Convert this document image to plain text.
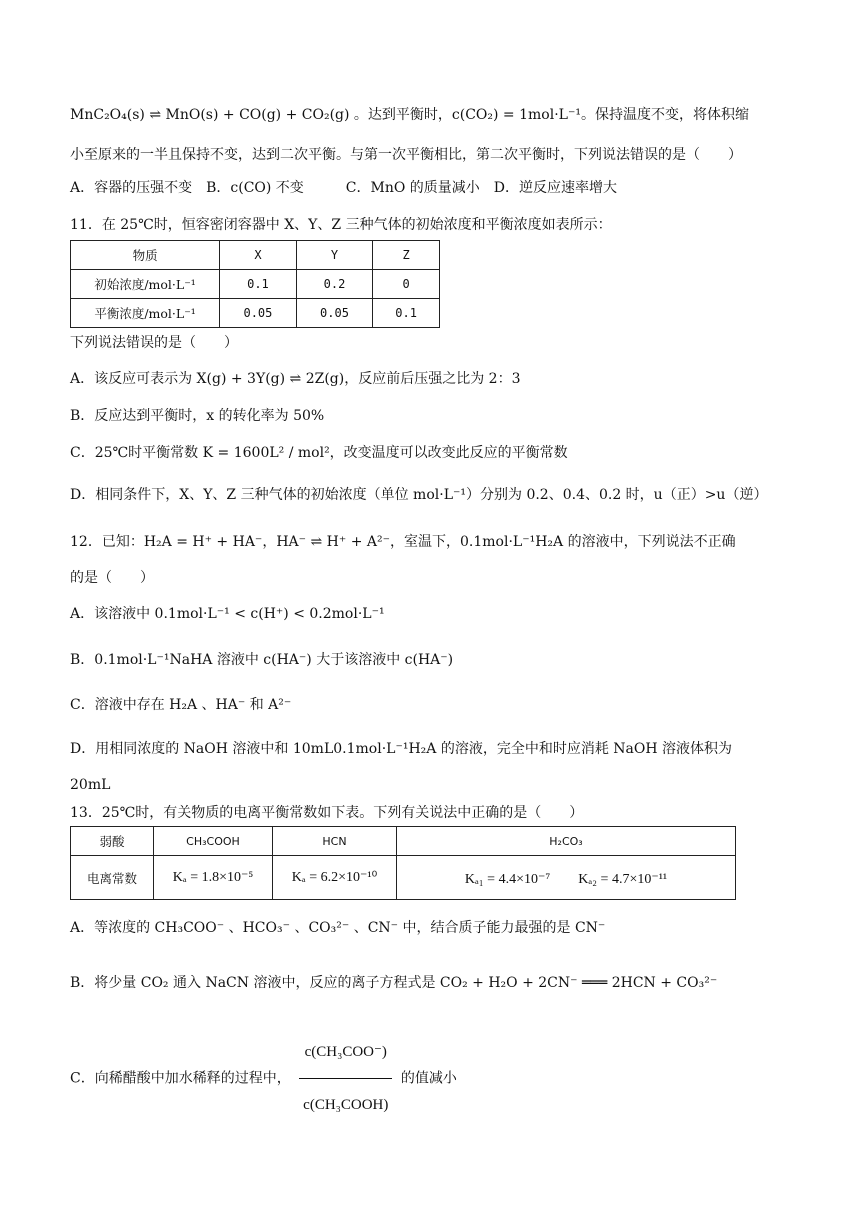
MnC₂O₄(s) ⇌ MnO(s) + CO(g) + CO₂(g) 。达到平衡时，c(CO₂) = 1mol·L⁻¹。保持温度不变，将体积缩
小至原来的一半且保持不变，达到二次平衡。与第一次平衡相比，第二次平衡时，下列说法错误的是（　　）
A．容器的压强不变　B．c(CO) 不变　　　C．MnO 的质量减小　D．逆反应速率增大
11．在 25℃时，恒容密闭容器中 X、Y、Z 三种气体的初始浓度和平衡浓度如表所示：
物质	X	Y	Z
初始浓度/mol·L⁻¹	0.1	0.2	0
平衡浓度/mol·L⁻¹	0.05	0.05	0.1
下列说法错误的是（　　）
A．该反应可表示为 X(g) + 3Y(g) ⇌ 2Z(g)，反应前后压强之比为 2：3
B．反应达到平衡时，x 的转化率为 50%
C．25℃时平衡常数 K = 1600L² / mol²，改变温度可以改变此反应的平衡常数
D．相同条件下，X、Y、Z 三种气体的初始浓度（单位 mol·L⁻¹）分别为 0.2、0.4、0.2 时，u（正）>u（逆）
12．已知：H₂A = H⁺ + HA⁻，HA⁻ ⇌ H⁺ + A²⁻，室温下，0.1mol·L⁻¹H₂A 的溶液中，下列说法不正确
的是（　　）
A．该溶液中 0.1mol·L⁻¹ < c(H⁺) < 0.2mol·L⁻¹
B．0.1mol·L⁻¹NaHA 溶液中 c(HA⁻) 大于该溶液中 c(HA⁻)
C．溶液中存在 H₂A 、HA⁻ 和 A²⁻
D．用相同浓度的 NaOH 溶液中和 10mL0.1mol·L⁻¹H₂A 的溶液，完全中和时应消耗 NaOH 溶液体积为
20mL
13．25℃时，有关物质的电离平衡常数如下表。下列有关说法中正确的是（　　）
弱酸	CH₃COOH	HCN	H₂CO₃
电离常数	Kₐ = 1.8×10⁻⁵	Kₐ = 6.2×10⁻¹⁰	Kₐ₁ = 4.4×10⁻⁷　　Kₐ₂ = 4.7×10⁻¹¹
A．等浓度的 CH₃COO⁻ 、HCO₃⁻ 、CO₃²⁻ 、CN⁻ 中，结合质子能力最强的是 CN⁻
B．将少量 CO₂ 通入 NaCN 溶液中，反应的离子方程式是 CO₂ + H₂O + 2CN⁻ ═══ 2HCN + CO₃²⁻
C．向稀醋酸中加水稀释的过程中， $\frac{\text{c(CH₃COO⁻)}}{\text{c(CH₃COOH)}}$ 的值减小
